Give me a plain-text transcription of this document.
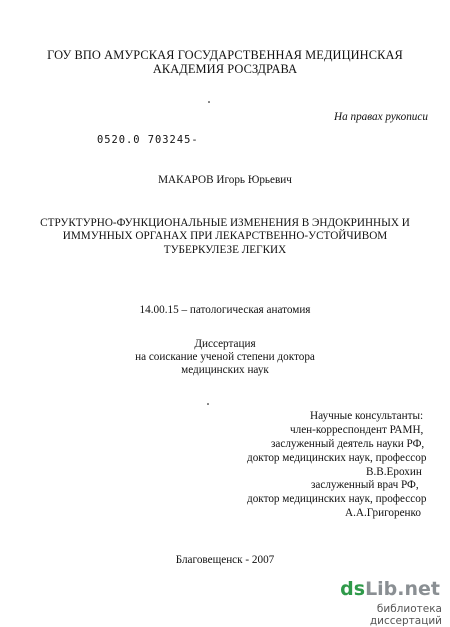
ГОУ ВПО АМУРСКАЯ ГОСУДАРСТВЕННАЯ МЕДИЦИНСКАЯ
АКАДЕМИЯ РОСЗДРАВА
На правах рукописи
0520.0 703245-
МАКАРОВ Игорь Юрьевич
СТРУКТУРНО-ФУНКЦИОНАЛЬНЫЕ ИЗМЕНЕНИЯ В ЭНДОКРИННЫХ И
ИММУННЫХ ОРГАНАХ ПРИ ЛЕКАРСТВЕННО-УСТОЙЧИВОМ
ТУБЕРКУЛЕЗЕ ЛЕГКИХ
14.00.15 – патологическая анатомия
Диссертация
на соискание ученой степени доктора
медицинских наук
Научные консультанты:
член-корреспондент РАМН,
заслуженный деятель науки РФ,
доктор медицинских наук, профессор
В.В.Ерохин
заслуженный врач РФ,
доктор медицинских наук, профессор
А.А.Григоренко
Благовещенск - 2007
dsLib.net
библиотека диссертаций
